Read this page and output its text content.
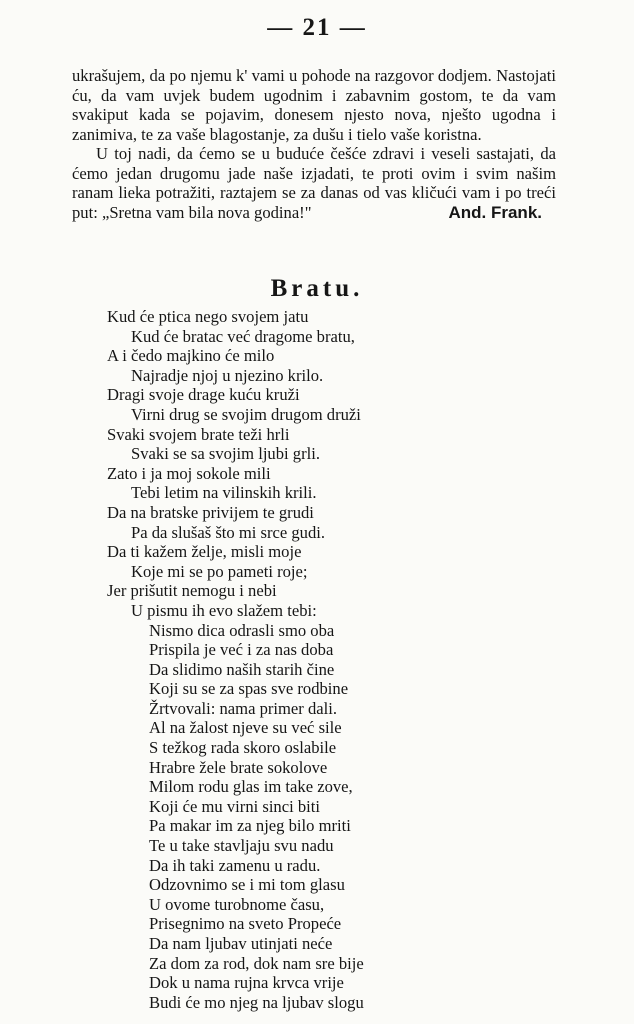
— 21 —

ukrašujem, da po njemu k' vami u pohode na razgovor dodjem. Nastojati ću, da vam uvjek budem ugodnim i zabavnim gostom, te da vam svakiput kada se pojavim, donesem njesto nova, nješto ugodna i zanimiva, te za vaše blagostanje, za dušu i tielo vaše koristna.

U toj nadi, da ćemo se u buduće češće zdravi i veseli sastajati, da ćemo jedan drugomu jade naše izjadati, te proti ovim i svim našim ranam lieka potražiti, raztajem se za danas od vas kličući vam i po treći put: „Sretna vam bila nova godina!"	And. Frank.

Bratu.
Kud će ptica nego svojem jatu
Kud će bratac već dragome bratu,
A i čedo majkino će milo
Najradje njoj u njezino krilo.
Dragi svoje drage kuću kruži
Virni drug se svojim drugom druži
Svaki svojem brate teži hrli
Svaki se sa svojim ljubi grli.
Zato i ja moj sokole mili
Tebi letim na vilinskih krili.
Da na bratske privijem te grudi
Pa da slušaš što mi srce gudi.
Da ti kažem želje, misli moje
Koje mi se po pameti roje;
Jer prišutit nemogu i nebi
U pismu ih evo slažem tebi:
Nismo dica odrasli smo oba
Prispila je već i za nas doba
Da slidimo naših starih čine
Koji su se za spas sve rodbine
Žrtvovali: nama primer dali.
Al na žalost njeve su već sile
S težkog rada skoro oslabile
Hrabre žele brate sokolove
Milom rodu glas im take zove,
Koji će mu virni sinci biti
Pa makar im za njeg bilo mriti
Te u take stavljaju svu nadu
Da ih taki zamenu u radu.
Odzovnimo se i mi tom glasu
U ovome turobnome času,
Prisegnimo na sveto Propeće
Da nam ljubav utinjati neće
Za dom za rod, dok nam sre bije
Dok u nama rujna krvca vrije
Budi će mo njeg na ljubav slogu
